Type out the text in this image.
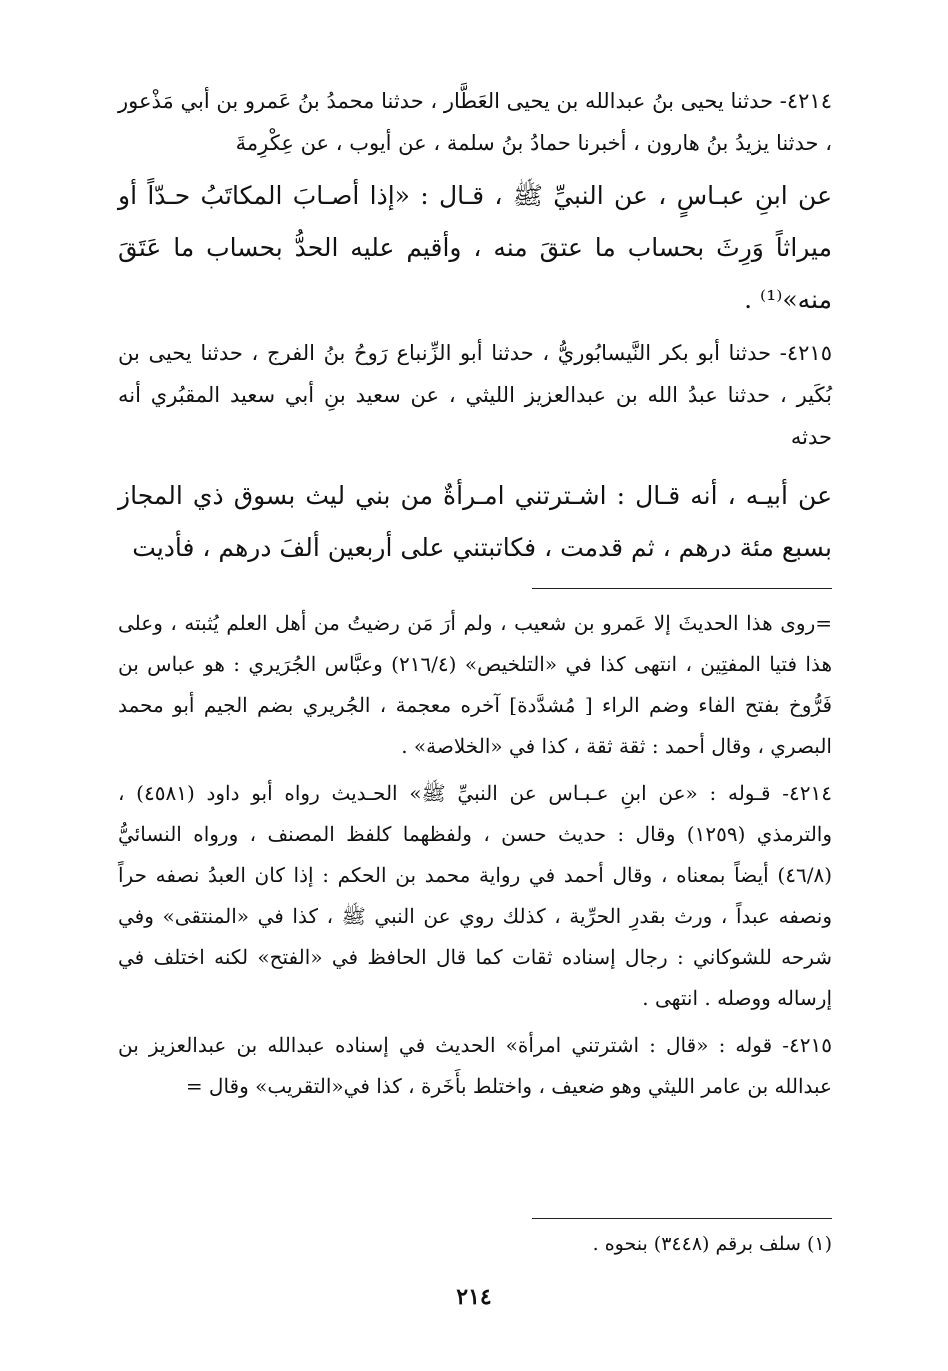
٤٢١٤- حدثنا يحيى بنُ عبدالله بن يحيى العَطَّار ، حدثنا محمدُ بنُ عَمرو بن أبي مَذْعور ، حدثنا يزيدُ بنُ هارون ، أخبرنا حمادُ بنُ سلمة ، عن أيوب ، عن عِكْرِمةَ

عن ابنِ عبـاسٍ ، عن النبيِّ ﷺ ، قـال : «إذا أصـابَ المكاتَبُ حـدّاً أو ميراثاً وَرِثَ بحساب ما عتقَ منه ، وأقيم عليه الحدُّ بحساب ما عَتَقَ منه»⁽¹⁾ .

٤٢١٥- حدثنا أبو بكر النَّيسابُوريُّ ، حدثنا أبو الزِّنباع رَوحُ بنُ الفرج ، حدثنا يحيى بن بُكَير ، حدثنا عبدُ الله بن عبدالعزيز الليثي ، عن سعيد بنِ أبي سعيد المقبُري أنه حدثه

عن أبيـه ، أنه قـال : اشـترتني امـرأةٌ من بني ليث بسوق ذي المجاز بسبع مئة درهم ، ثم قدمت ، فكاتبتني على أربعين ألفَ درهم ، فأديت

=روى هذا الحديثَ إلا عَمرو بن شعيب ، ولم أرَ مَن رضيتُ من أهل العلم يُثبته ، وعلى هذا فتيا المفتِين ، انتهى كذا في «التلخيص» (٢١٦/٤) وعبَّاس الجُرَيري : هو عباس بن فَرُّوخ بفتح الفاء وضم الراء [ مُشدَّدة] آخره معجمة ، الجُريري بضم الجيم أبو محمد البصري ، وقال أحمد : ثقة ثقة ، كذا في «الخلاصة» .

٤٢١٤- قـوله : «عن ابنِ عـبـاس عن النبيِّ ﷺ» الحـديث رواه أبو داود (٤٥٨١) ، والترمذي (١٢٥٩) وقال : حديث حسن ، ولفظهما كلفظ المصنف ، ورواه النسائيُّ (٤٦/٨) أيضاً بمعناه ، وقال أحمد في رواية محمد بن الحكم : إذا كان العبدُ نصفه حراً ونصفه عبداً ، ورث بقدرِ الحرِّية ، كذلك روي عن النبي ﷺ ، كذا في «المنتقى» وفي شرحه للشوكاني : رجال إسناده ثقات كما قال الحافظ في «الفتح» لكنه اختلف في إرساله ووصله . انتهى .

٤٢١٥- قوله : «قال : اشترتني امرأة» الحديث في إسناده عبدالله بن عبدالعزيز بن عبدالله بن عامر الليثي وهو ضعيف ، واختلط بأَخَرة ، كذا في«التقريب» وقال =

(١) سلف برقم (٣٤٤٨) بنحوه .
٢١٤
